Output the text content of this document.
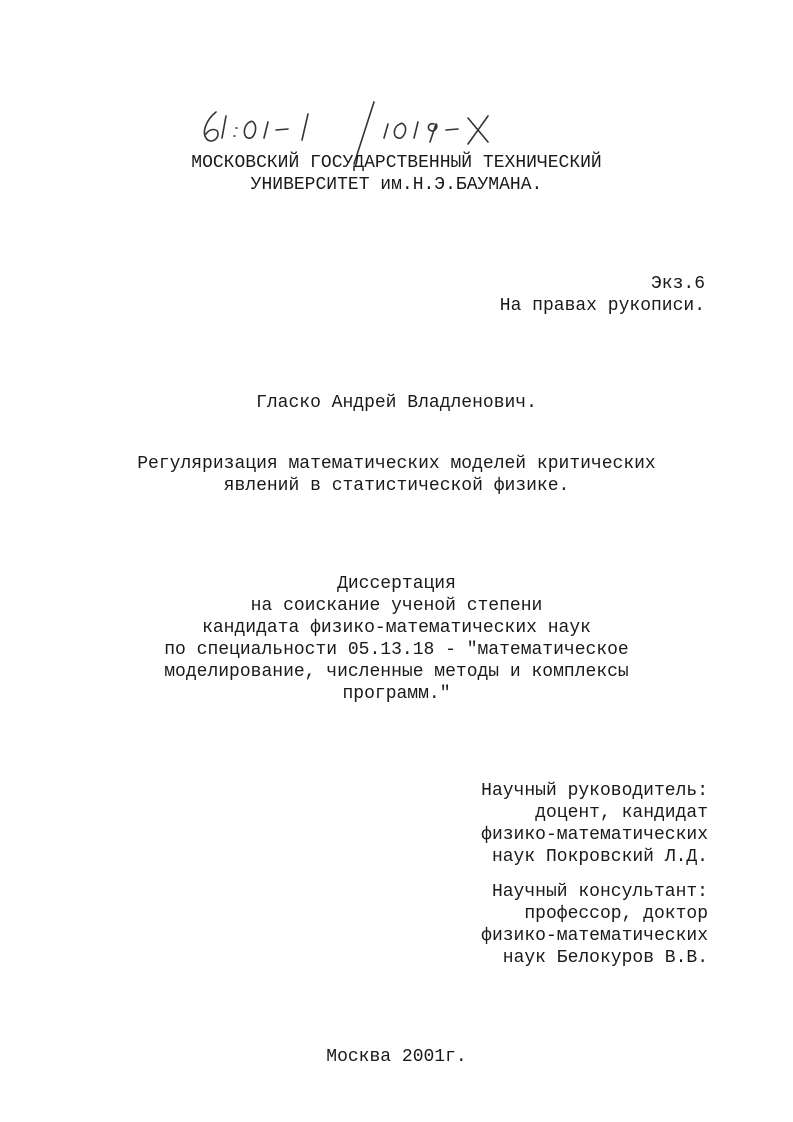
МОСКОВСКИЙ ГОСУДАРСТВЕННЫЙ ТЕХНИЧЕСКИЙ
УНИВЕРСИТЕТ им.Н.Э.БАУМАНА.
Экз.6
На правах рукописи.
Гласко Андрей Владленович.
Регуляризация математических моделей критических
явлений в статистической физике.
Диссертация
на соискание ученой степени
кандидата физико-математических наук
по специальности 05.13.18 - "математическое
моделирование, численные методы и комплексы
программ."
Научный руководитель:
доцент, кандидат
физико-математических
наук Покровский Л.Д.
Научный консультант:
профессор, доктор
физико-математических
наук Белокуров В.В.
Москва 2001г.
